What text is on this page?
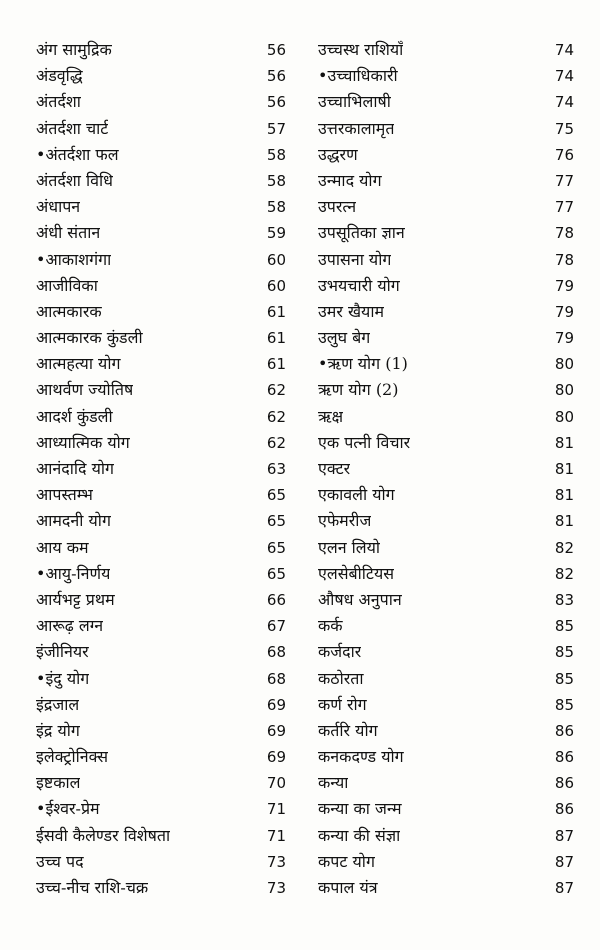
अंग सामुद्रिक	56
अंडवृद्धि	56
अंतर्दशा	56
अंतर्दशा चार्ट	57
•अंतर्दशा फल	58
अंतर्दशा विधि	58
अंधापन	58
अंधी संतान	59
•आकाशगंगा	60
आजीविका	60
आत्मकारक	61
आत्मकारक कुंडली	61
आत्महत्या योग	61
आथर्वण ज्योतिष	62
आदर्श कुंडली	62
आध्यात्मिक योग	62
आनंदादि योग	63
आपस्तम्भ	65
आमदनी योग	65
आय कम	65
•आयु-निर्णय	65
आर्यभट्ट प्रथम	66
आरूढ़ लग्न	67
इंजीनियर	68
•इंदु योग	68
इंद्रजाल	69
इंद्र योग	69
इलेक्ट्रोनिक्स	69
इष्टकाल	70
•ईश्वर-प्रेम	71
ईसवी कैलेण्डर विशेषता	71
उच्च पद	73
उच्च-नीच राशि-चक्र	73
उच्चस्थ राशियाँ	74
•उच्चाधिकारी	74
उच्चाभिलाषी	74
उत्तरकालामृत	75
उद्धरण	76
उन्माद योग	77
उपरत्न	77
उपसूतिका ज्ञान	78
उपासना योग	78
उभयचारी योग	79
उमर खैयाम	79
उलुघ बेग	79
•ऋण योग (1)	80
ऋण योग (2)	80
ऋक्ष	80
एक पत्नी विचार	81
एक्टर	81
एकावली योग	81
एफेमरीज	81
एलन लियो	82
एलसेबीटियस	82
औषध अनुपान	83
कर्क	85
कर्जदार	85
कठोरता	85
कर्ण रोग	85
कर्तरि योग	86
कनकदण्ड योग	86
कन्या	86
कन्या का जन्म	86
कन्या की संज्ञा	87
कपट योग	87
कपाल यंत्र	87
